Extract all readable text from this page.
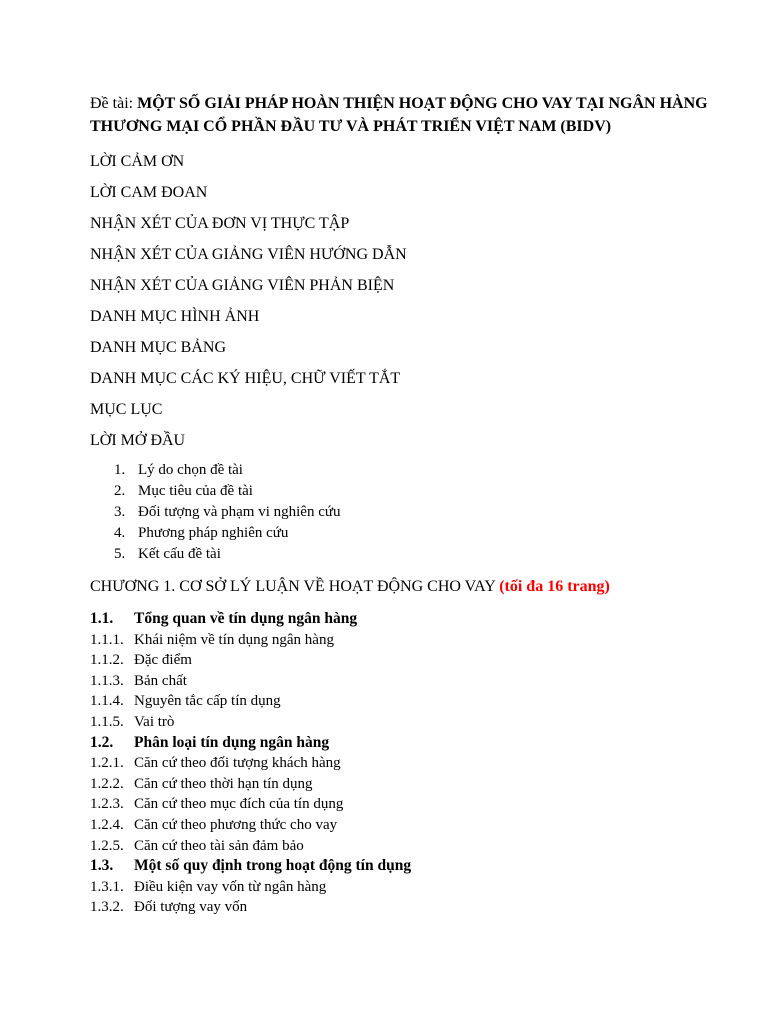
Đề tài: MỘT SỐ GIẢI PHÁP HOÀN THIỆN HOẠT ĐỘNG CHO VAY TẠI NGÂN HÀNG THƯƠNG MẠI CỔ PHẦN ĐẦU TƯ VÀ PHÁT TRIỂN VIỆT NAM (BIDV)
LỜI CẢM ƠN
LỜI CAM ĐOAN
NHẬN XÉT CỦA ĐƠN VỊ THỰC TẬP
NHẬN XÉT CỦA GIẢNG VIÊN HƯỚNG DẪN
NHẬN XÉT CỦA GIẢNG VIÊN PHẢN BIỆN
DANH MỤC HÌNH ẢNH
DANH MỤC BẢNG
DANH MỤC CÁC KÝ HIỆU, CHỮ VIẾT TẮT
MỤC LỤC
LỜI MỞ ĐẦU
1. Lý do chọn đề tài
2. Mục tiêu của đề tài
3. Đối tượng và phạm vi nghiên cứu
4. Phương pháp nghiên cứu
5. Kết cấu đề tài
CHƯƠNG 1. CƠ SỞ LÝ LUẬN VỀ HOẠT ĐỘNG CHO VAY (tối đa 16 trang)
1.1.	Tổng quan về tín dụng ngân hàng
1.1.1. Khái niệm về tín dụng ngân hàng
1.1.2. Đặc điểm
1.1.3. Bản chất
1.1.4. Nguyên tắc cấp tín dụng
1.1.5. Vai trò
1.2.	Phân loại tín dụng ngân hàng
1.2.1. Căn cứ theo đối tượng khách hàng
1.2.2. Căn cứ theo thời hạn tín dụng
1.2.3. Căn cứ theo mục đích của tín dụng
1.2.4. Căn cứ theo phương thức cho vay
1.2.5. Căn cứ theo tài sản đảm bảo
1.3.	Một số quy định trong hoạt động tín dụng
1.3.1. Điều kiện vay vốn từ ngân hàng
1.3.2. Đối tượng vay vốn
